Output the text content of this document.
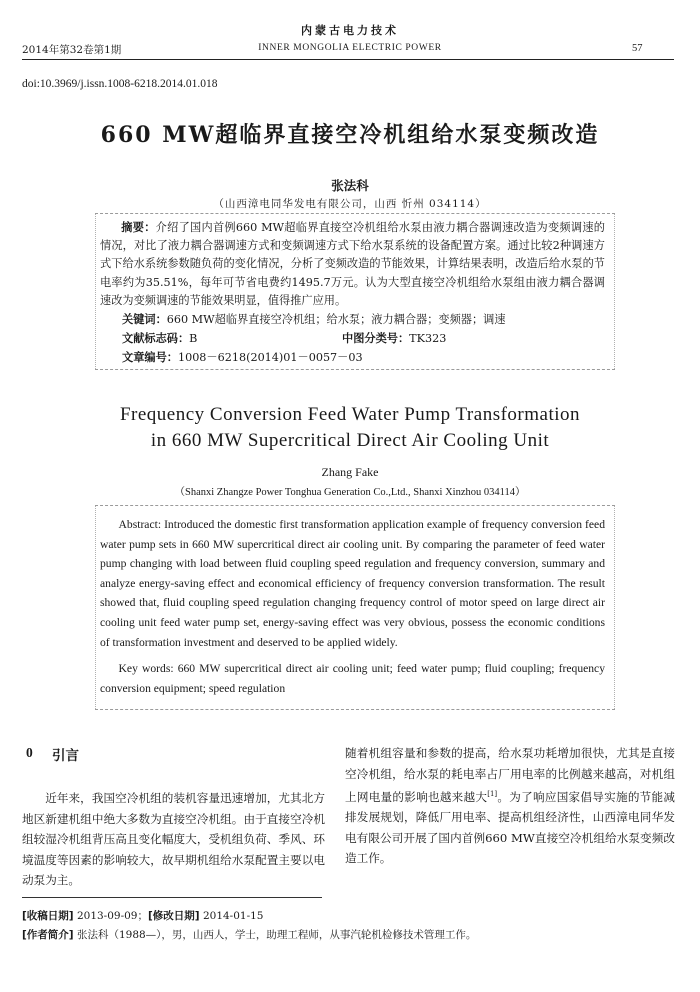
内蒙古电力技术
2014年第32卷第1期	INNER MONGOLIA ELECTRIC POWER	57
doi:10.3969/j.issn.1008-6218.2014.01.018
660 MW超临界直接空冷机组给水泵变频改造
张法科
（山西漳电同华发电有限公司，山西 忻州 034114）
摘要：介绍了国内首例660 MW超临界直接空冷机组给水泵由液力耦合器调速改造为变频调速的情况，对比了液力耦合器调速方式和变频调速方式下给水泵系统的设备配置方案。通过比较2种调速方式下给水系统参数随负荷的变化情况，分析了变频改造的节能效果，计算结果表明，改造后给水泵的节电率约为35.51%，每年可节省电费约1495.7万元。认为大型直接空冷机组给水泵组由液力耦合器调速改为变频调速的节能效果明显，值得推广应用。
关键词：660 MW超临界直接空冷机组；给水泵；液力耦合器；变频器；调速
文献标志码：B	中图分类号：TK323
文章编号：1008－6218(2014)01－0057－03
Frequency Conversion Feed Water Pump Transformation
in 660 MW Supercritical Direct Air Cooling Unit
Zhang Fake
（Shanxi Zhangze Power Tonghua Generation Co.,Ltd., Shanxi Xinzhou 034114）
Abstract: Introduced the domestic first transformation application example of frequency conversion feed water pump sets in 660 MW supercritical direct air cooling unit. By comparing the parameter of feed water pump changing with load between fluid coupling speed regulation and frequency conversion, summary and analyze energy-saving effect and economical efficiency of frequency conversion transformation. The result showed that, fluid coupling speed regulation changing frequency control of motor speed on large direct air cooling unit feed water pump set, energy-saving effect was very obvious, possess the economic conditions of transformation investment and deserved to be applied widely.
Key words: 660 MW supercritical direct air cooling unit; feed water pump; fluid coupling; frequency conversion equipment; speed regulation
0 引言
近年来，我国空冷机组的装机容量迅速增加，尤其北方地区新建机组中绝大多数为直接空冷机组。由于直接空冷机组较湿冷机组背压高且变化幅度大，受机组负荷、季风、环境温度等因素的影响较大，故早期机组给水泵配置主要以电动泵为主。
随着机组容量和参数的提高，给水泵功耗增加很快，尤其是直接空冷机组，给水泵的耗电率占厂用电率的比例越来越高，对机组上网电量的影响也越来越大[1]。为了响应国家倡导实施的节能减排发展规划，降低厂用电率、提高机组经济性，山西漳电同华发电有限公司开展了国内首例660 MW直接空冷机组给水泵变频改造工作。
[收稿日期] 2013-09-09；[修改日期] 2014-01-15
[作者简介] 张法科（1988—），男，山西人，学士，助理工程师，从事汽轮机检修技术管理工作。
